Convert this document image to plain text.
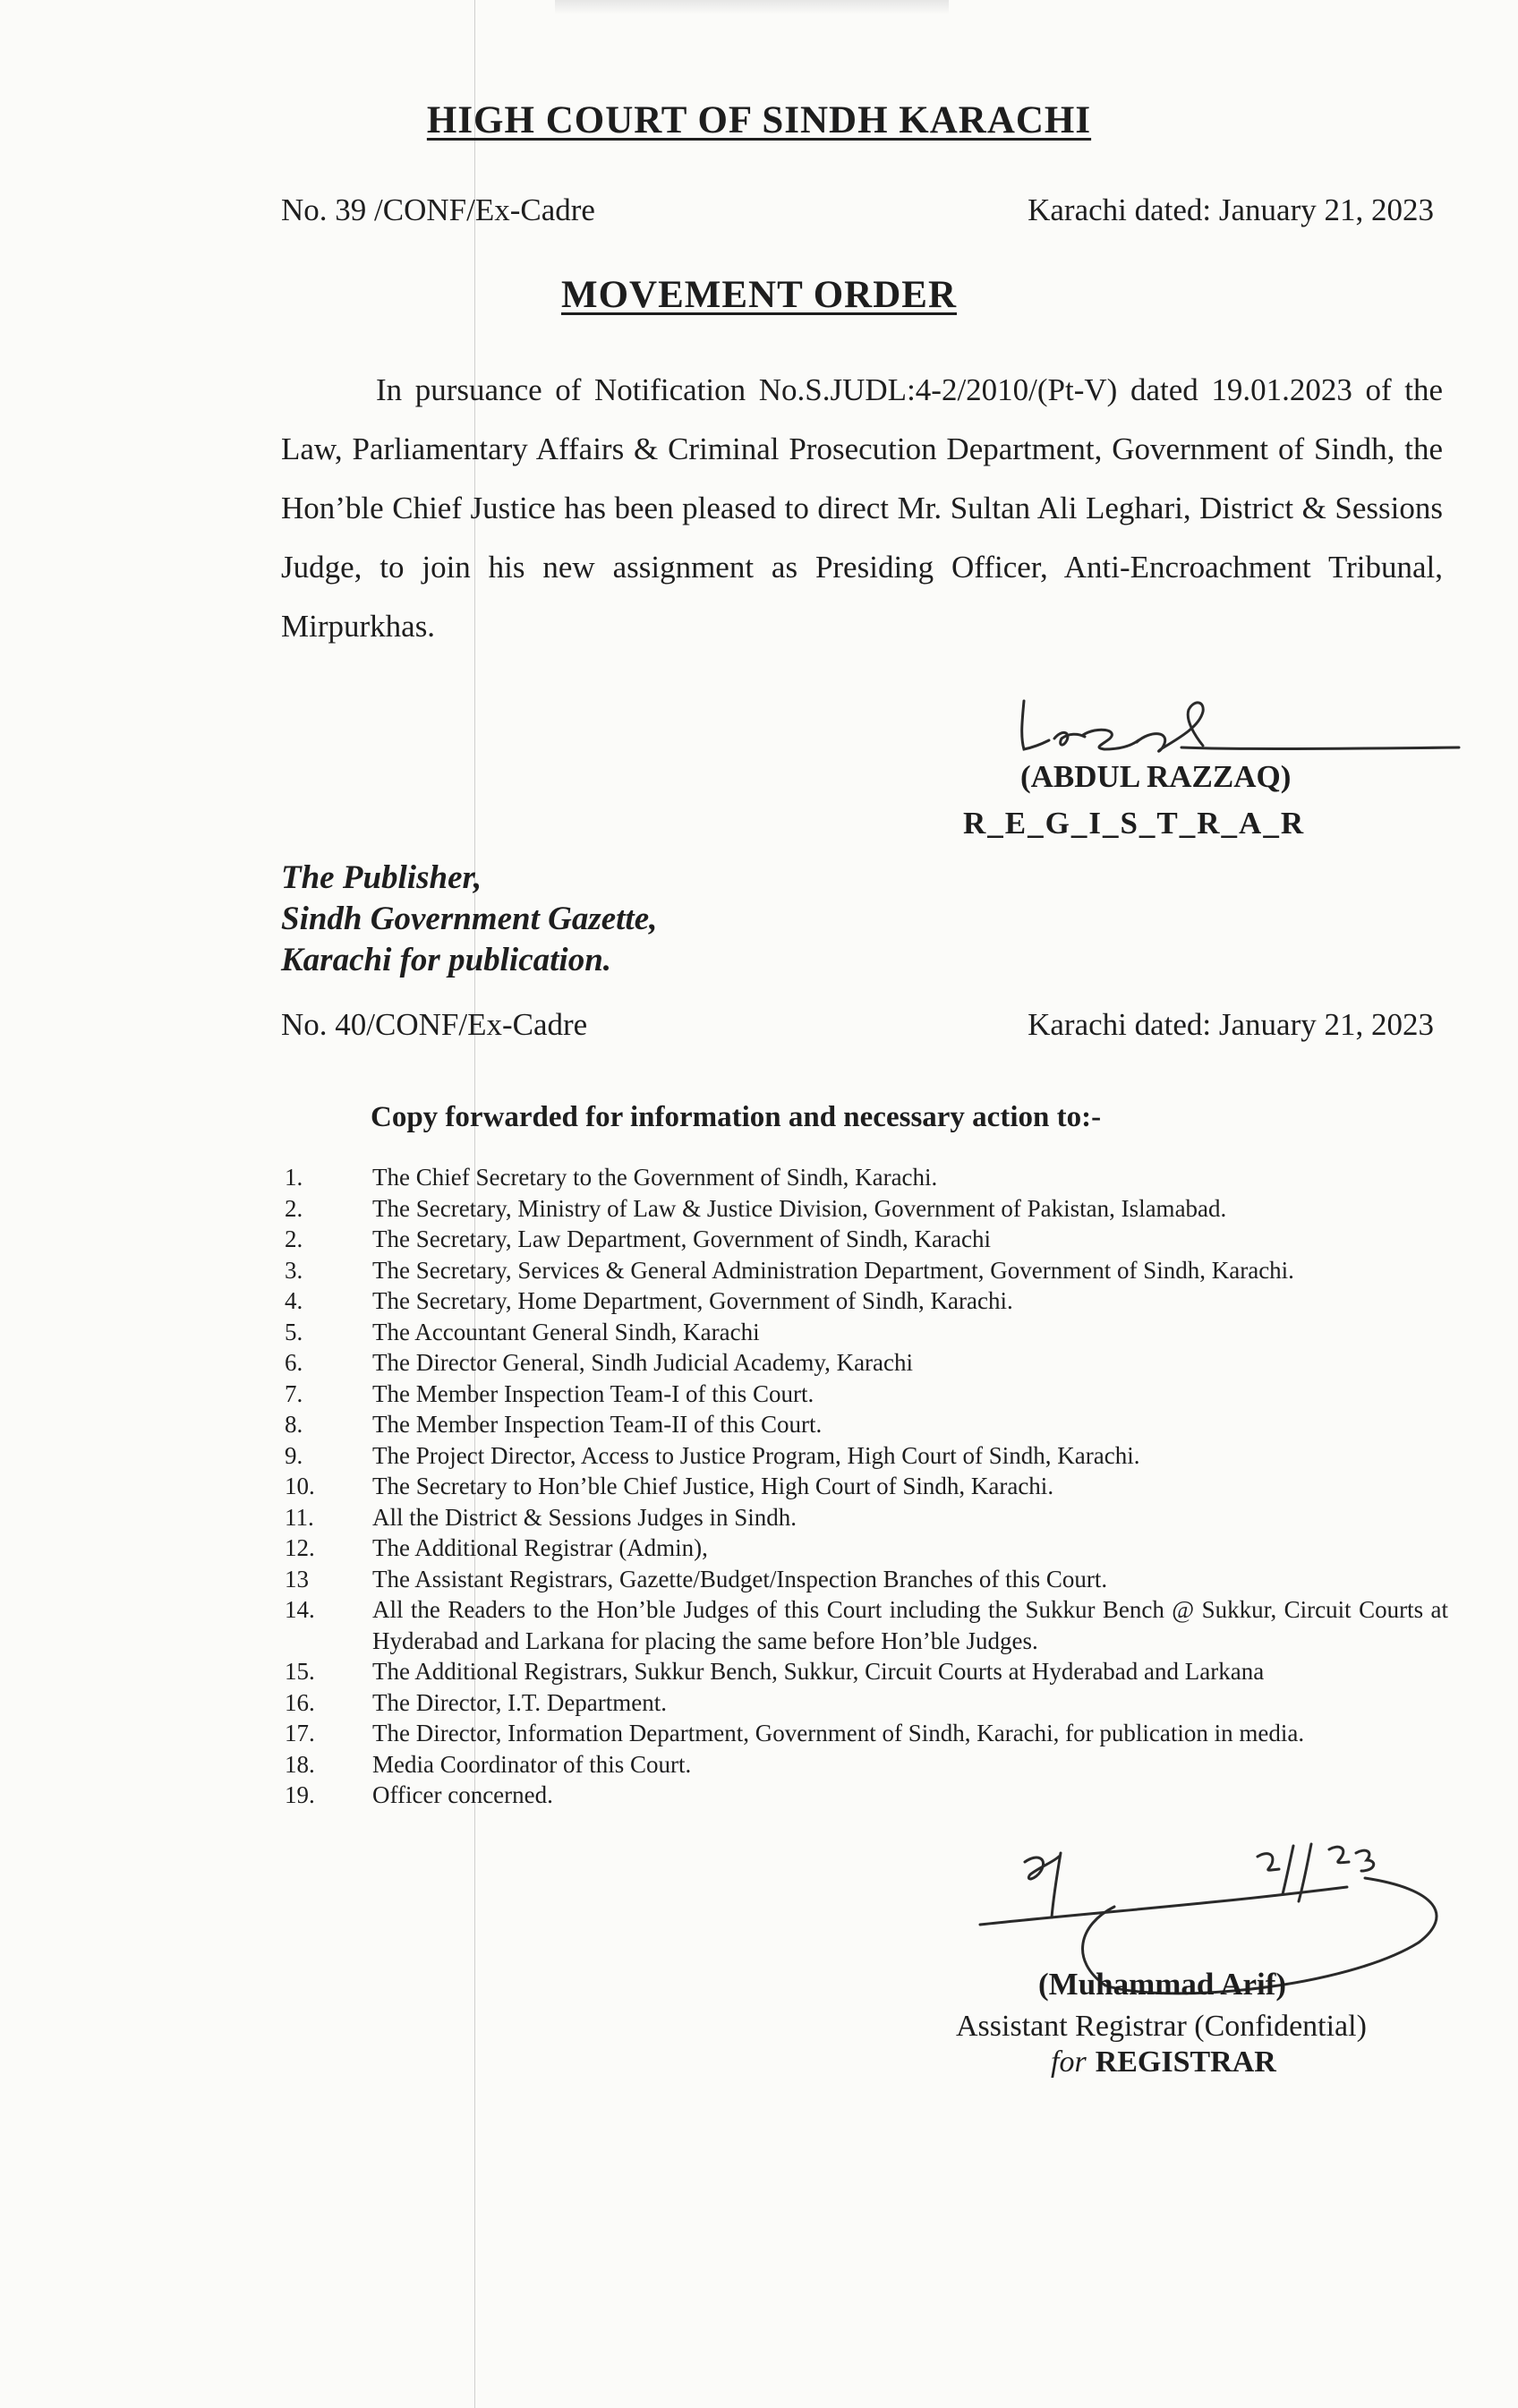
HIGH COURT OF SINDH KARACHI
No. 39 /CONF/Ex-Cadre	Karachi dated: January 21, 2023
MOVEMENT ORDER

In pursuance of Notification No.S.JUDL:4-2/2010/(Pt-V) dated 19.01.2023 of the Law, Parliamentary Affairs & Criminal Prosecution Department, Government of Sindh, the Hon’ble Chief Justice has been pleased to direct Mr. Sultan Ali Leghari, District & Sessions Judge, to join his new assignment as Presiding Officer, Anti-Encroachment Tribunal, Mirpurkhas.

(ABDUL RAZZAQ)
R_E_G_I_S_T_R_A_R
The Publisher,
Sindh Government Gazette,
Karachi for publication.
No. 40/CONF/Ex-Cadre	Karachi dated: January 21, 2023
Copy forwarded for information and necessary action to:-
1.	The Chief Secretary to the Government of Sindh, Karachi.
2.	The Secretary, Ministry of Law & Justice Division, Government of Pakistan, Islamabad.
2.	The Secretary, Law Department, Government of Sindh, Karachi
3.	The Secretary, Services & General Administration Department, Government of Sindh, Karachi.
4.	The Secretary, Home Department, Government of Sindh, Karachi.
5.	The Accountant General Sindh, Karachi
6.	The Director General, Sindh Judicial Academy, Karachi
7.	The Member Inspection Team-I of this Court.
8.	The Member Inspection Team-II of this Court.
9.	The Project Director, Access to Justice Program, High Court of Sindh, Karachi.
10.	The Secretary to Hon’ble Chief Justice, High Court of Sindh, Karachi.
11.	All the District & Sessions Judges in Sindh.
12.	The Additional Registrar (Admin),
13	The Assistant Registrars, Gazette/Budget/Inspection Branches of this Court.
14.	All the Readers to the Hon’ble Judges of this Court including the Sukkur Bench @ Sukkur, Circuit Courts at Hyderabad and Larkana for placing the same before Hon’ble Judges.
15.	The Additional Registrars, Sukkur Bench, Sukkur, Circuit Courts at Hyderabad and Larkana
16.	The Director, I.T. Department.
17.	The Director, Information Department, Government of Sindh, Karachi, for publication in media.
18.	Media Coordinator of this Court.
19.	Officer concerned.
21/1/23
(Muhammad Arif)
Assistant Registrar (Confidential)
for REGISTRAR
